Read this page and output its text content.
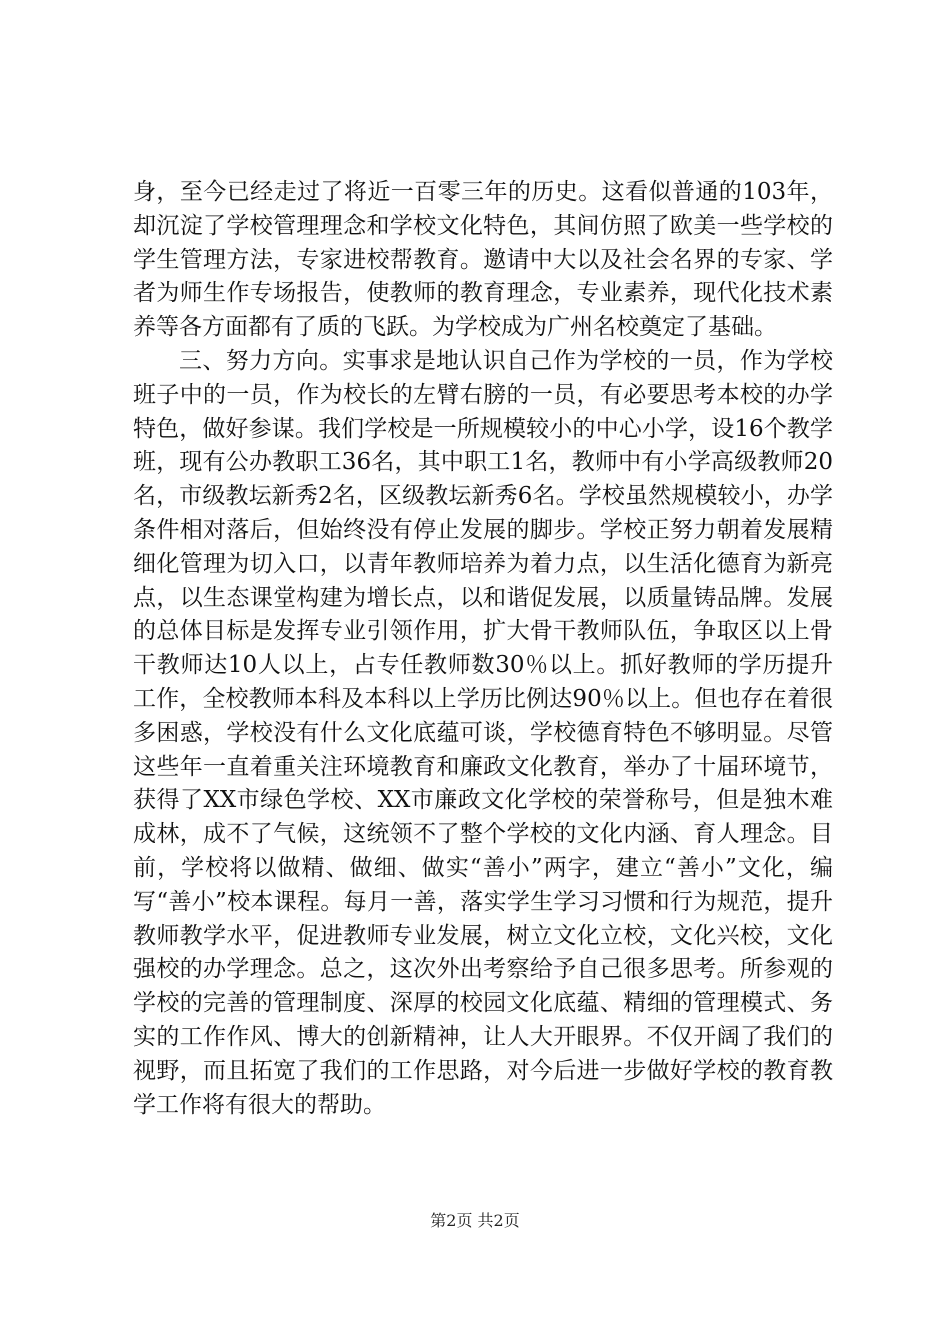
身，至今已经走过了将近一百零三年的历史。这看似普通的103年，却沉淀了学校管理理念和学校文化特色，其间仿照了欧美一些学校的学生管理方法，专家进校帮教育。邀请中大以及社会名界的专家、学者为师生作专场报告，使教师的教育理念，专业素养，现代化技术素养等各方面都有了质的飞跃。为学校成为广州名校奠定了基础。

三、努力方向。实事求是地认识自己作为学校的一员，作为学校班子中的一员，作为校长的左臂右膀的一员，有必要思考本校的办学特色，做好参谋。我们学校是一所规模较小的中心小学，设16个教学班，现有公办教职工36名，其中职工1名，教师中有小学高级教师20名，市级教坛新秀2名，区级教坛新秀6名。学校虽然规模较小，办学条件相对落后，但始终没有停止发展的脚步。学校正努力朝着发展精细化管理为切入口，以青年教师培养为着力点，以生活化德育为新亮点，以生态课堂构建为增长点，以和谐促发展，以质量铸品牌。发展的总体目标是发挥专业引领作用，扩大骨干教师队伍，争取区以上骨干教师达10人以上，占专任教师数30％以上。抓好教师的学历提升工作，全校教师本科及本科以上学历比例达90％以上。但也存在着很多困惑，学校没有什么文化底蕴可谈，学校德育特色不够明显。尽管这些年一直着重关注环境教育和廉政文化教育，举办了十届环境节，获得了XX市绿色学校、XX市廉政文化学校的荣誉称号，但是独木难成林，成不了气候，这统领不了整个学校的文化内涵、育人理念。目前，学校将以做精、做细、做实“善小”两字，建立“善小”文化，编写“善小”校本课程。每月一善，落实学生学习习惯和行为规范，提升教师教学水平，促进教师专业发展，树立文化立校，文化兴校，文化强校的办学理念。总之，这次外出考察给予自己很多思考。所参观的学校的完善的管理制度、深厚的校园文化底蕴、精细的管理模式、务实的工作作风、博大的创新精神，让人大开眼界。不仅开阔了我们的视野，而且拓宽了我们的工作思路，对今后进一步做好学校的教育教学工作将有很大的帮助。

第2页 共2页
